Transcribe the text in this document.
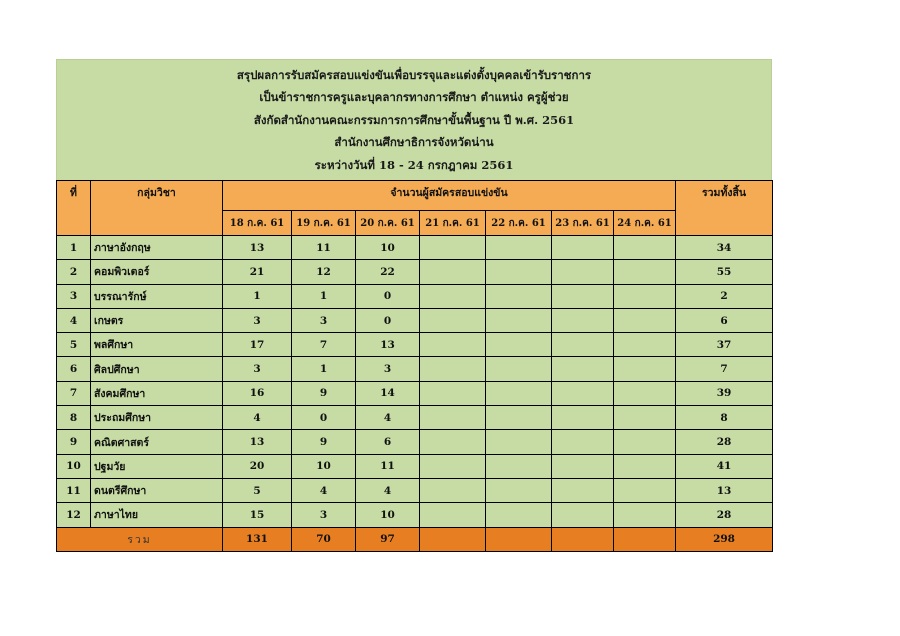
สรุปผลการรับสมัครสอบแข่งขันเพื่อบรรจุและแต่งตั้งบุคคลเข้ารับราชการ
เป็นข้าราชการครูและบุคลากรทางการศึกษา ตำแหน่ง ครูผู้ช่วย
สังกัดสำนักงานคณะกรรมการการศึกษาขั้นพื้นฐาน ปี พ.ศ. 2561
สำนักงานศึกษาธิการจังหวัดน่าน
ระหว่างวันที่ 18 - 24 กรกฎาคม 2561
ที่	กลุ่มวิชา	จำนวนผู้สมัครสอบแข่งขัน							รวมทั้งสิ้น
		18 ก.ค. 61	19 ก.ค. 61	20 ก.ค. 61	21 ก.ค. 61	22 ก.ค. 61	23 ก.ค. 61	24 ก.ค. 61	
1	ภาษาอังกฤษ	13	11	10					34
2	คอมพิวเตอร์	21	12	22					55
3	บรรณารักษ์	1	1	0					2
4	เกษตร	3	3	0					6
5	พลศึกษา	17	7	13					37
6	ศิลปศึกษา	3	1	3					7
7	สังคมศึกษา	16	9	14					39
8	ประถมศึกษา	4	0	4					8
9	คณิตศาสตร์	13	9	6					28
10	ปฐมวัย	20	10	11					41
11	ดนตรีศึกษา	5	4	4					13
12	ภาษาไทย	15	3	10					28
รวม		131	70	97					298
